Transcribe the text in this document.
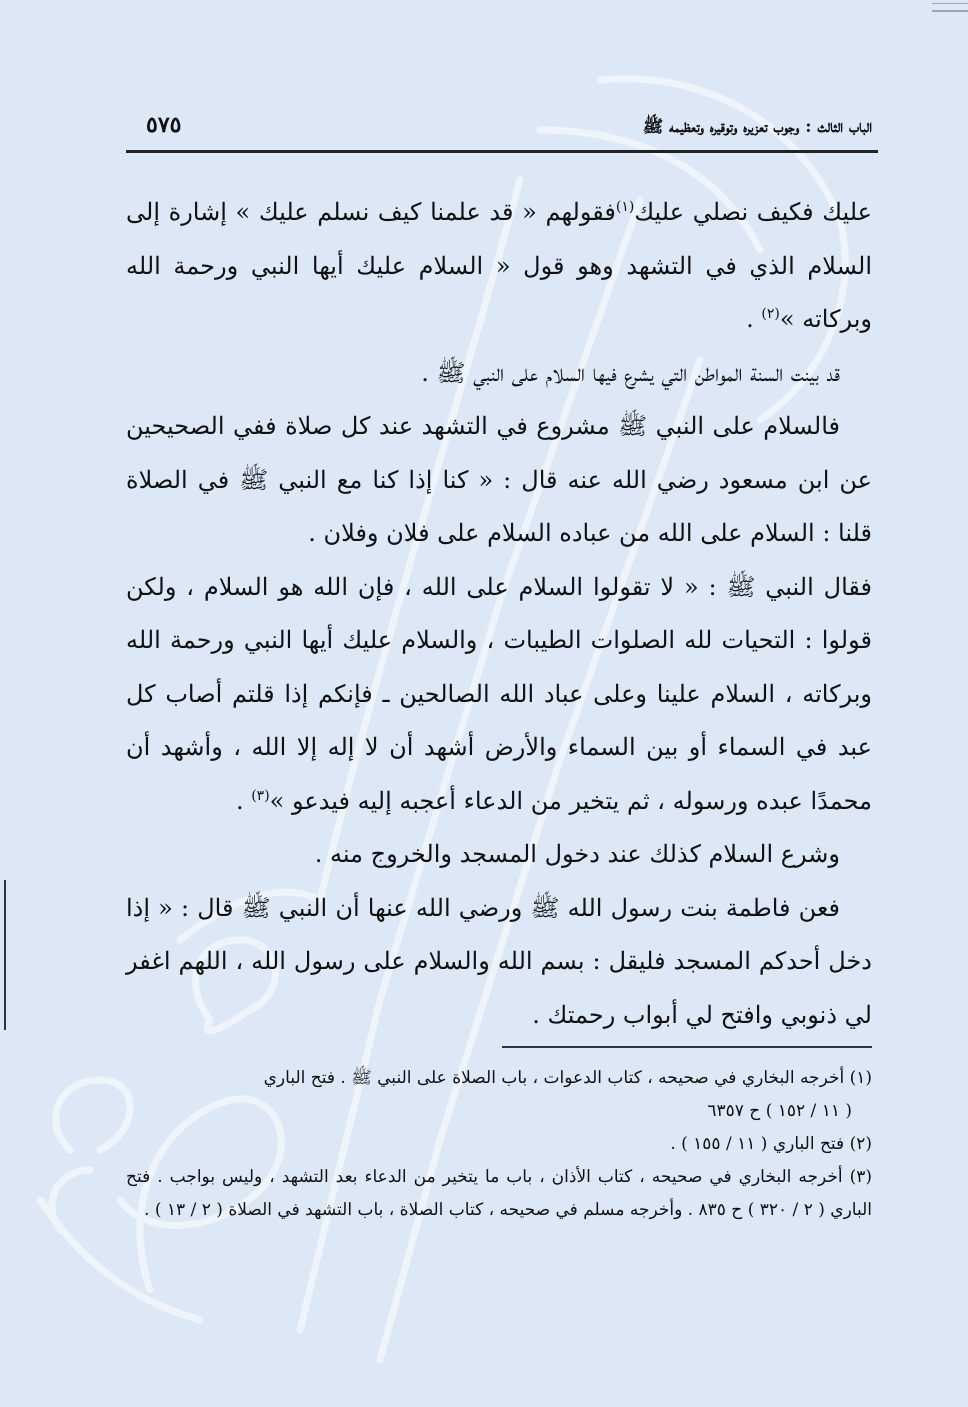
الباب الثالث : وجوب تعزيره وتوقيره وتعظيمه ﷺ
٥٧٥

عليك فكيف نصلي عليك$^{(١)}$فقولهم « قد علمنا كيف نسلم عليك » إشارة إلى السلام الذي في التشهد وهو قول « السلام عليك أيها النبي ورحمة الله وبركاته »$^{(٢)}$ .

قد بينت السنة المواطن التي يشرع فيها السلام على النبي ﷺ .

فالسلام على النبي ﷺ مشروع في التشهد عند كل صلاة ففي الصحيحين عن ابن مسعود رضي الله عنه قال : « كنا إذا كنا مع النبي ﷺ في الصلاة قلنا : السلام على الله من عباده السلام على فلان وفلان .

فقال النبي ﷺ : « لا تقولوا السلام على الله ، فإن الله هو السلام ، ولكن قولوا : التحيات لله الصلوات الطيبات ، والسلام عليك أيها النبي ورحمة الله وبركاته ، السلام علينا وعلى عباد الله الصالحين ـ فإنكم إذا قلتم أصاب كل عبد في السماء أو بين السماء والأرض أشهد أن لا إله إلا الله ، وأشهد أن محمدًا عبده ورسوله ، ثم يتخير من الدعاء أعجبه إليه فيدعو »$^{(٣)}$ .

وشرع السلام كذلك عند دخول المسجد والخروج منه .

فعن فاطمة بنت رسول الله ﷺ ورضي الله عنها أن النبي ﷺ قال : « إذا دخل أحدكم المسجد فليقل : بسم الله والسلام على رسول الله ، اللهم اغفر لي ذنوبي وافتح لي أبواب رحمتك .

(١) أخرجه البخاري في صحيحه ، كتاب الدعوات ، باب الصلاة على النبي ﷺ . فتح الباري

( ١١ / ١٥٢ ) ح ٦٣٥٧

(٢) فتح الباري ( ١١ / ١٥٥ ) .

(٣) أخرجه البخاري في صحيحه ، كتاب الأذان ، باب ما يتخير من الدعاء بعد التشهد ، وليس بواجب . فتح الباري ( ٢ / ٣٢٠ ) ح ٨٣٥ . وأخرجه مسلم في صحيحه ، كتاب الصلاة ، باب التشهد في الصلاة ( ٢ / ١٣ ) .
